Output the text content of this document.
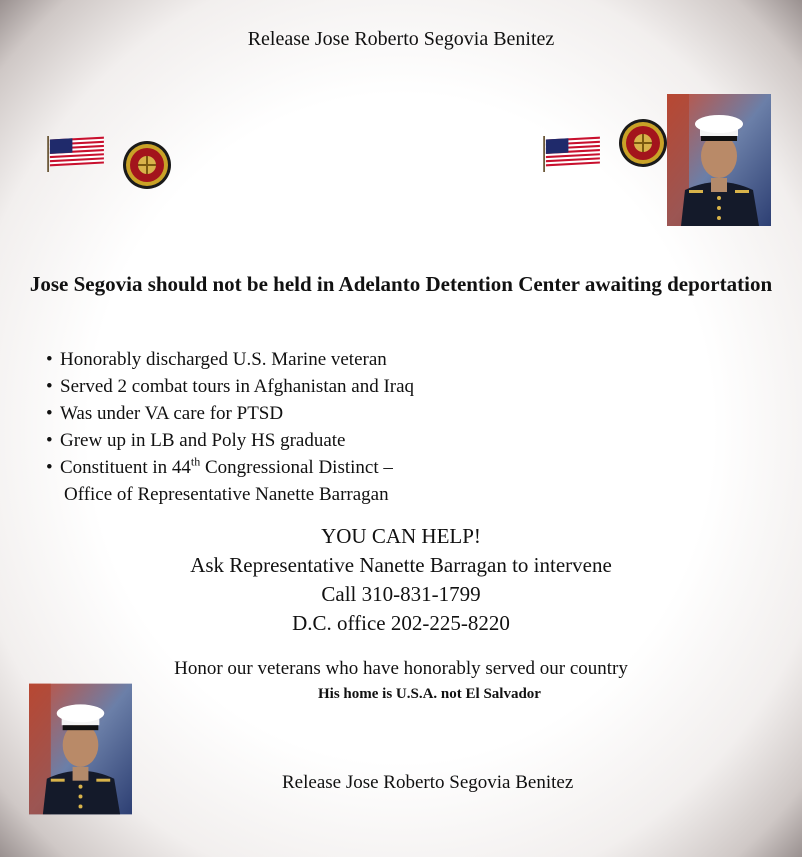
Release Jose Roberto Segovia Benitez
Jose Segovia should not be held in Adelanto Detention Center awaiting deportation
• Honorably discharged U.S. Marine veteran
• Served 2 combat tours in Afghanistan and Iraq
• Was under VA care for PTSD
• Grew up in LB and Poly HS graduate
• Constituent in 44th Congressional Distinct –
Office of Representative Nanette Barragan
YOU CAN HELP!
Ask Representative Nanette Barragan to intervene
Call 310-831-1799
D.C. office 202-225-8220
Honor our veterans who have honorably served our country
His home is U.S.A. not El Salvador
Release Jose Roberto Segovia Benitez
